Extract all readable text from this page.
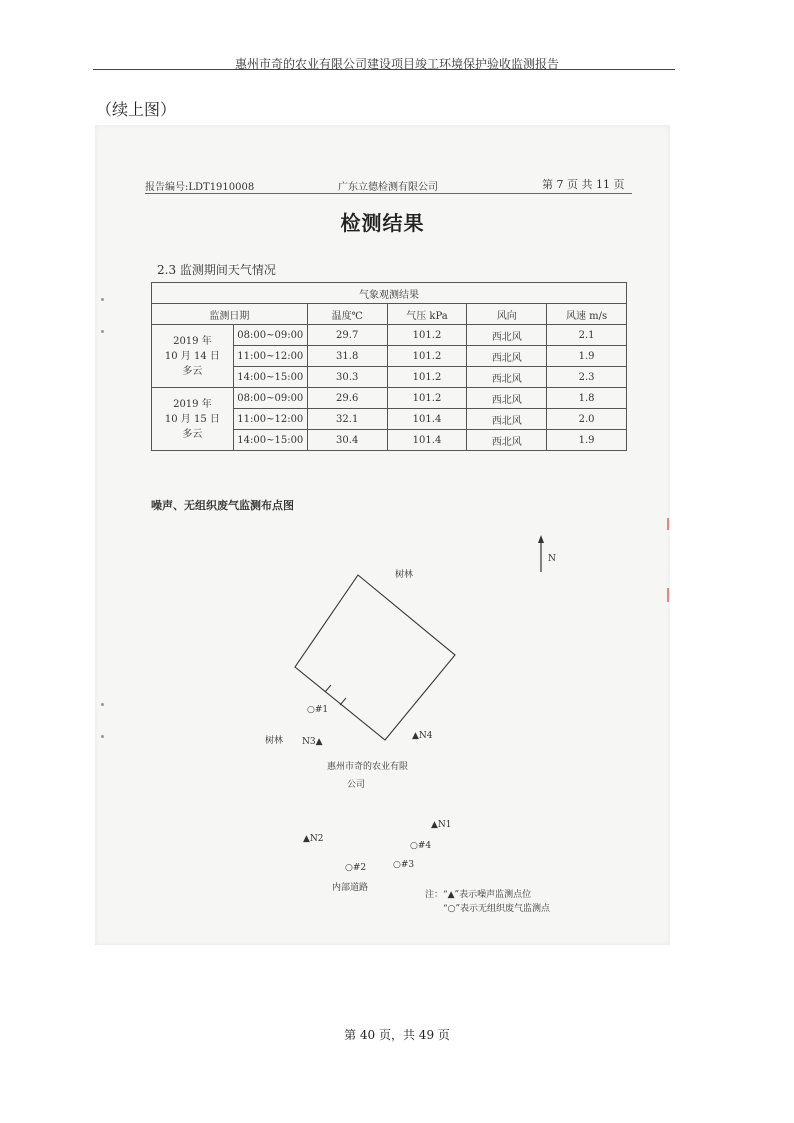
惠州市奇的农业有限公司建设项目竣工环境保护验收监测报告
（续上图）
报告编号:LDT1910008	广东立德检测有限公司	第 7 页 共 11 页
检测结果
2.3 监测期间天气情况
气象观测结果					
监测日期		温度℃	气压 kPa	风向	风速 m/s

2019 年
10 月 14 日
多云	08:00~09:00	29.7	101.2	西北风	2.1
	11:00~12:00	31.8	101.2	西北风	1.9
	14:00~15:00	30.3	101.2	西北风	2.3

2019 年
10 月 15 日
多云	08:00~09:00	29.6	101.2	西北风	1.8
	11:00~12:00	32.1	101.4	西北风	2.0
	14:00~15:00	30.4	101.4	西北风	1.9
噪声、无组织废气监测布点图
N
树林
树林
惠州市奇的农业有限
公司
内部道路
○#1
○#2	○#3
○#4
▲N1
▲N2
N3▲
▲N4
注：“▲”表示噪声监测点位
“○”表示无组织废气监测点
第 40 页，共 49 页
